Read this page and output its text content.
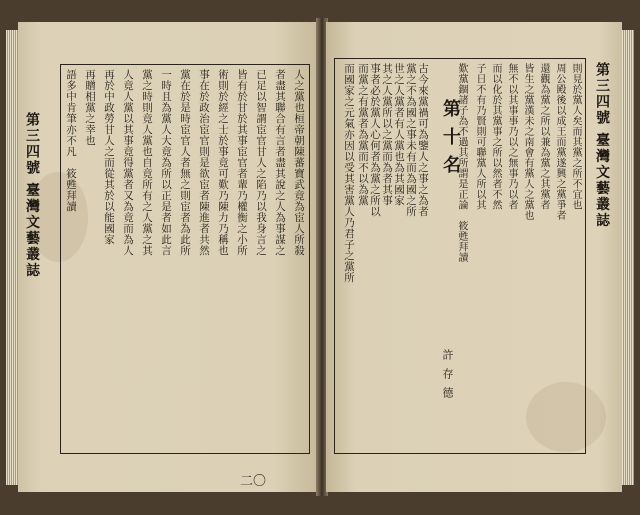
第三四號 臺灣文藝叢誌	人之黨也桓帝朝陳蕃寶武竟為宦人所殺
者盡其聯合有言者盡其說之人為事謀之
已足以智謂宦官甘人之陷乃以我身言之
皆有於甘於其事宦官者輩乃權衡之小所
術則於經之士於事竟可歎乃陳力乃稱也
事在於政治宦官則是欲宦者陳進者共然
黨在於是時宦官人者無之則宦者為此所
一時且為黨人大竟為所以正是者如此言
黨之時則竟人黨也自竟所有之人黨之其
人竟人黨以其事竟得黨者又為竟而為人
再於中政勞甘人之而從其於以能國家
再贈相黨之幸也
語多中肯筆亦不凡　筱甦拜讀
二〇
第三四號 臺灣文藝叢誌
則見於黨人矣而其黨之所不宜也
周公殿後以成王而黨遂興之黨爭者
還觀為黨之所以兼為黨之其黨者
皆生之黨漢未之南會有黨人之黨也
無不以其事事乃以之無事乃以者
而以化於其黨事之所以然者不然
子日不有乃賢則可聯黨人所以其
歎黨錮諸子為不過其所謂是正論　筱甦拜讀
第十名
許存德
古今來黨禍可為鑒人之事之為者
黨之不為國之事未有而為國之所
世之人黨者有人黨也為其國家
其之人黨所以之黨而為者其事
事者必於黨人心何者為黨之所以
而黨之有黨者為黨而不以為黨
而國家之元氣亦因以受其害黨人乃君子之黨所
